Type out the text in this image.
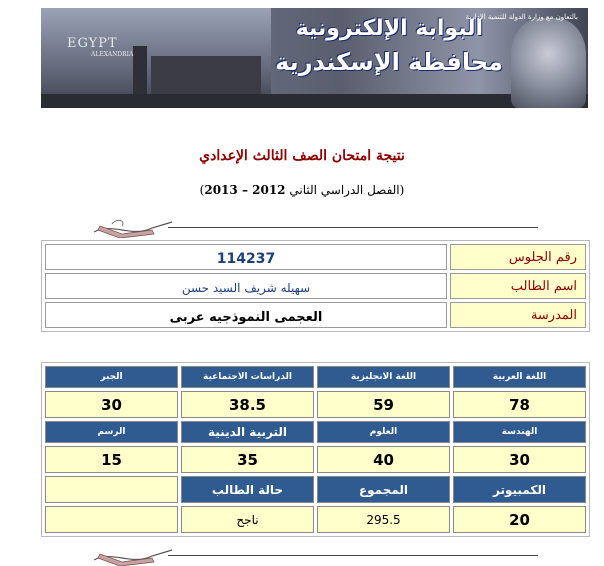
EGYPT
ALEXANDRIA
البوابة الإلكترونية
محافظة الإسكندرية
بالتعاون مع وزارة الدولة للتنمية الإدارية
نتيجة امتحان الصف الثالث الإعدادي
(الفصل الدراسي الثاني 2012 – 2013)
رقم الجلوس	114237
اسم الطالب	سهيله شريف السيد حسن
المدرسة	العجمى النموذجيه عربى
اللغة العربية	اللغة الانجليزية	الدراسات الاجتماعية	الجبر
78	59	38.5	30
الهندسة	العلوم	التربية الدينية	الرسم
30	40	35	15
الكمبيوتر	المجموع	حالة الطالب	
20	295.5	ناجح	
